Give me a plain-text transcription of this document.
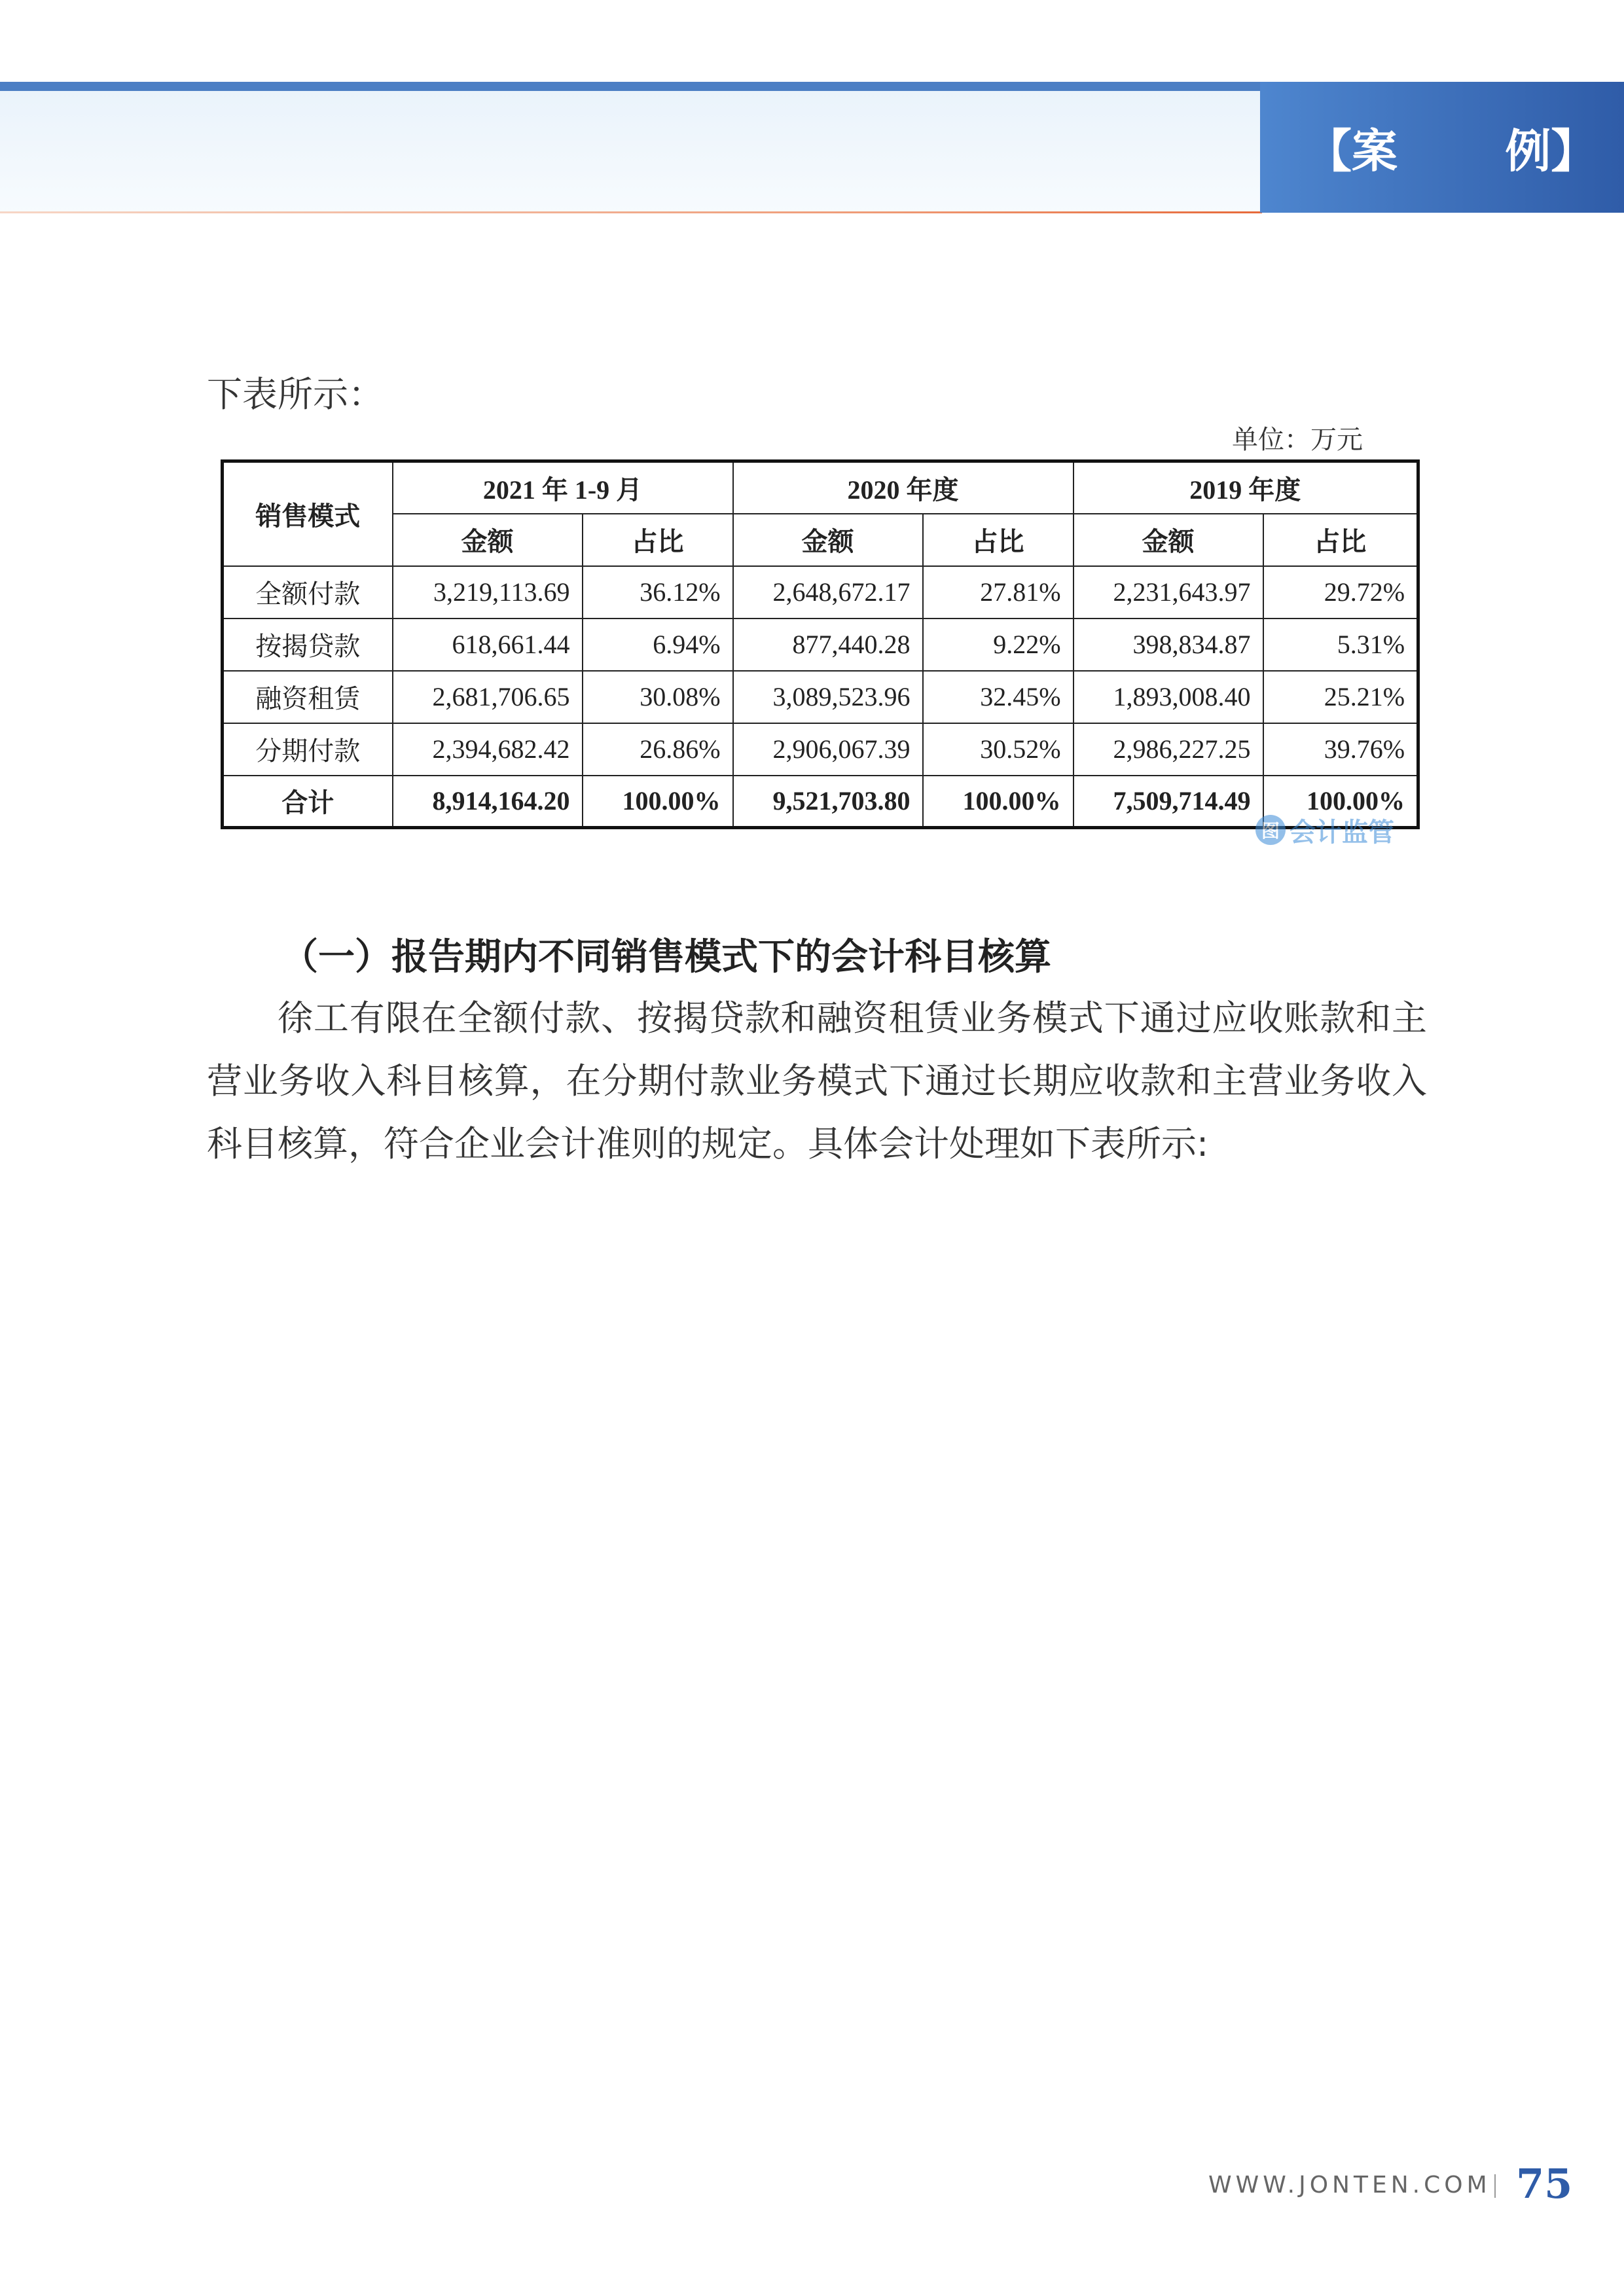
【案　　 例】
下表所示：
单位：万元
销售模式	2021 年 1-9 月		2020 年度		2019 年度	
	金额	占比	金额	占比	金额	占比
全额付款	3,219,113.69	36.12%	2,648,672.17	27.81%	2,231,643.97	29.72%
按揭贷款	618,661.44	6.94%	877,440.28	9.22%	398,834.87	5.31%
融资租赁	2,681,706.65	30.08%	3,089,523.96	32.45%	1,893,008.40	25.21%
分期付款	2,394,682.42	26.86%	2,906,067.39	30.52%	2,986,227.25	39.76%
合计	8,914,164.20	100.00%	9,521,703.80	100.00%	7,509,714.49	100.00%
图 会计监管
（一）报告期内不同销售模式下的会计科目核算
徐工有限在全额付款、按揭贷款和融资租赁业务模式下通过应收账款和主营业务收入科目核算，在分期付款业务模式下通过长期应收款和主营业务收入科目核算，符合企业会计准则的规定。具体会计处理如下表所示:
WWW.JONTEN.COM 75
